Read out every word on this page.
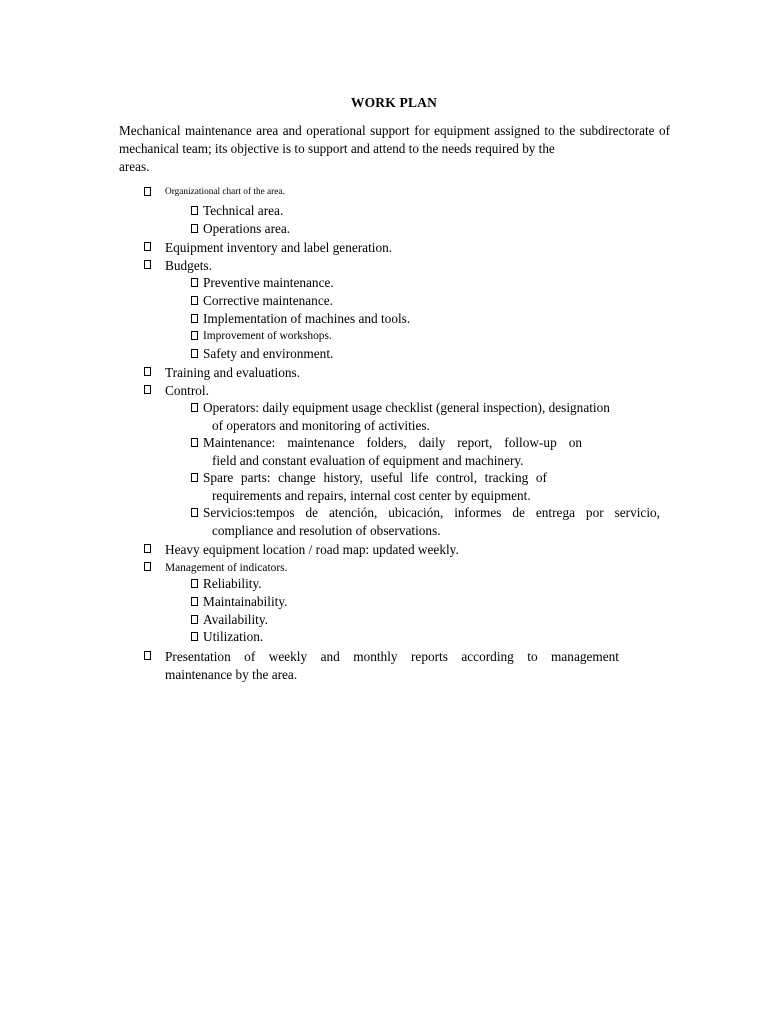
WORK PLAN
Mechanical maintenance area and operational support for equipment assigned to the subdirectorate of
mechanical team; its objective is to support and attend to the needs required by the
areas.
Organizational chart of the area.
Technical area.
Operations area.
Equipment inventory and label generation.
Budgets.
Preventive maintenance.
Corrective maintenance.
Implementation of machines and tools.
Improvement of workshops.
Safety and environment.
Training and evaluations.
Control.
Operators: daily equipment usage checklist (general inspection), designation
of operators and monitoring of activities.
Maintenance: maintenance folders, daily report, follow-up on
field and constant evaluation of equipment and machinery.
Spare parts: change history, useful life control, tracking of
requirements and repairs, internal cost center by equipment.
Servicios:tempos de atención, ubicación, informes de entrega por servicio,
compliance and resolution of observations.
Heavy equipment location / road map: updated weekly.
Management of indicators.
Reliability.
Maintainability.
Availability.
Utilization.
Presentation of weekly and monthly reports according to management
maintenance by the area.
